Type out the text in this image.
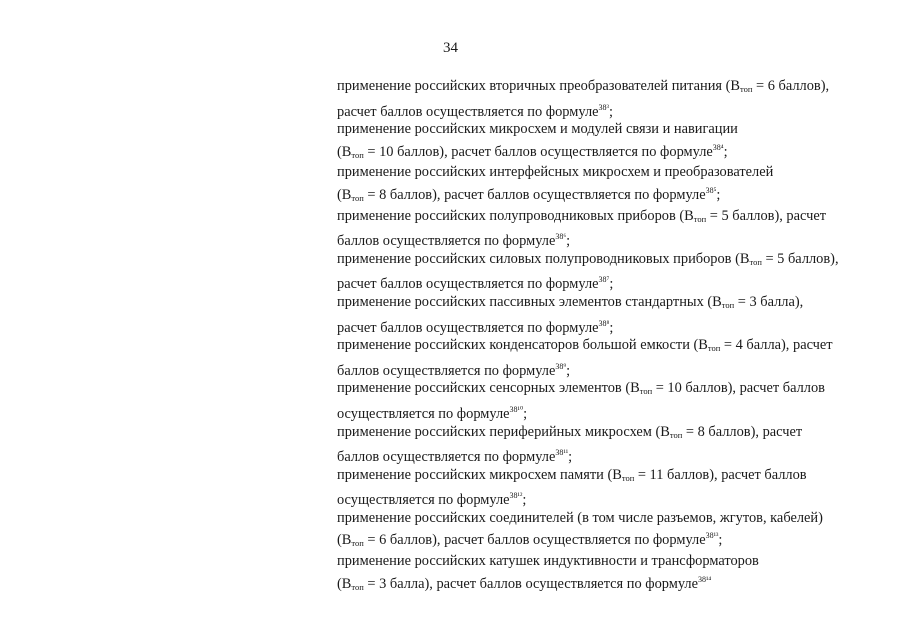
34
применение российских вторичных преобразователей питания ($В_{топ} = 6$ баллов),
расчет баллов осуществляется по формуле$^{38^3}$;
применение российских микросхем и модулей связи и навигации
($В_{топ} = 10$ баллов), расчет баллов осуществляется по формуле$^{38^4}$;
применение российских интерфейсных микросхем и преобразователей
($В_{топ} = 8$ баллов), расчет баллов осуществляется по формуле$^{38^5}$;
применение российских полупроводниковых приборов ($В_{топ} = 5$ баллов), расчет
баллов осуществляется по формуле$^{38^6}$;
применение российских силовых полупроводниковых приборов ($В_{топ} = 5$ баллов),
расчет баллов осуществляется по формуле$^{38^7}$;
применение российских пассивных элементов стандартных ($В_{топ} = 3$ балла),
расчет баллов осуществляется по формуле$^{38^8}$;
применение российских конденсаторов большой емкости ($В_{топ} = 4$ балла), расчет
баллов осуществляется по формуле$^{38^9}$;
применение российских сенсорных элементов ($В_{топ} = 10$ баллов), расчет баллов
осуществляется по формуле$^{38^{10}}$;
применение российских периферийных микросхем ($В_{топ} = 8$ баллов), расчет
баллов осуществляется по формуле$^{38^{11}}$;
применение российских микросхем памяти ($В_{топ} = 11$ баллов), расчет баллов
осуществляется по формуле$^{38^{12}}$;
применение российских соединителей (в том числе разъемов, жгутов, кабелей)
($В_{топ} = 6$ баллов), расчет баллов осуществляется по формуле$^{38^{13}}$;
применение российских катушек индуктивности и трансформаторов
($В_{топ} = 3$ балла), расчет баллов осуществляется по формуле$^{38^{14}}$
